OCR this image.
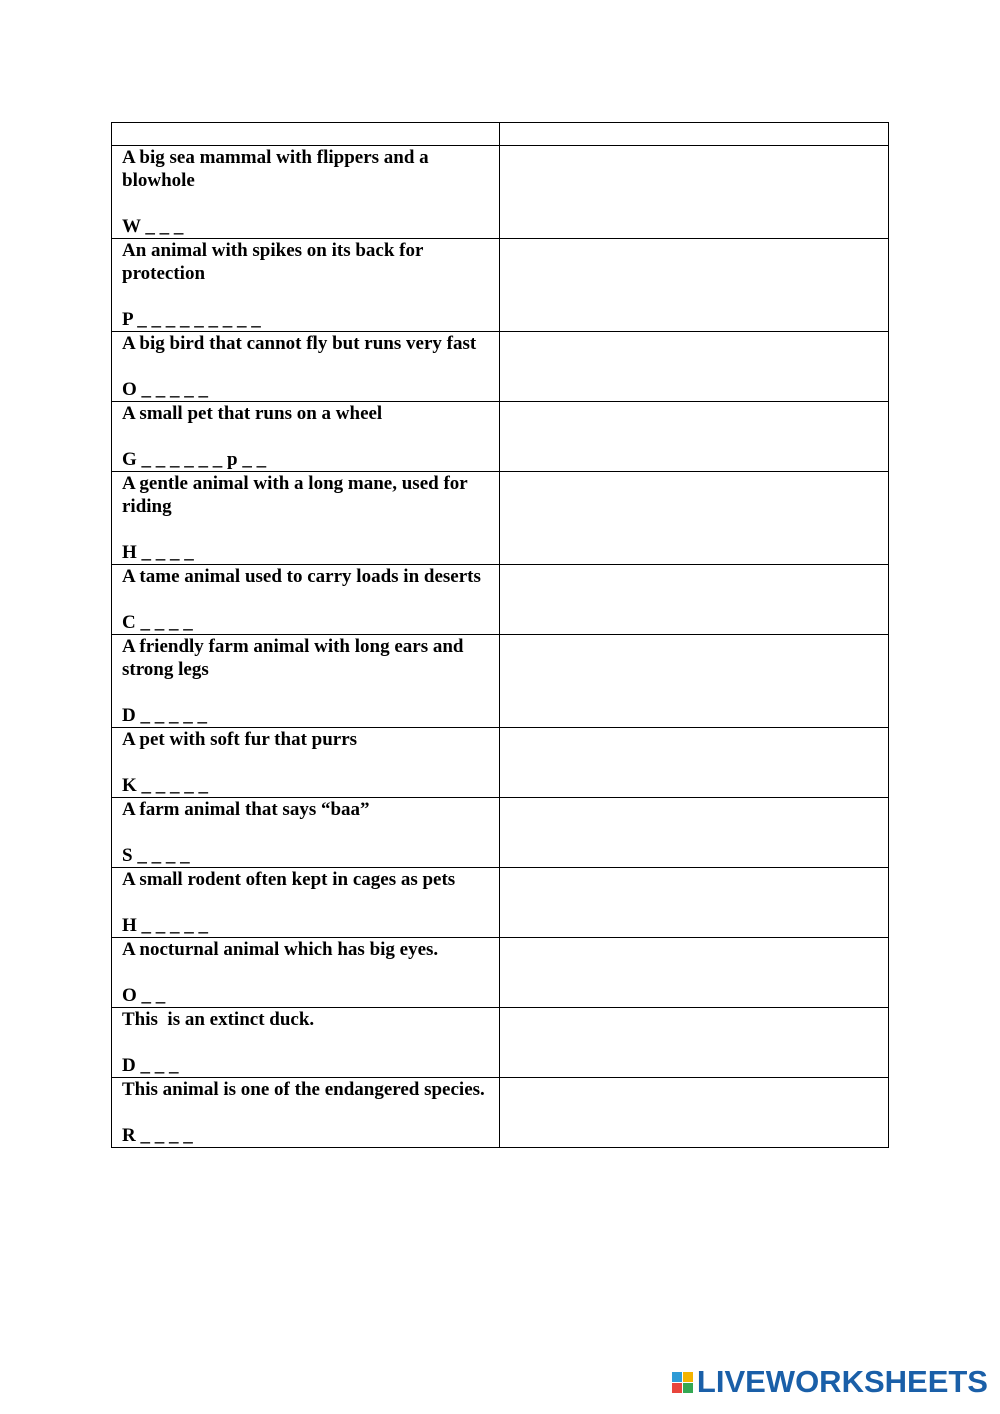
A big sea mammal with flippers and a blowhole
W _ _ _	

An animal with spikes on its back for protection
P _ _ _ _ _ _ _ _ _	

A big bird that cannot fly but runs very fast
O _ _ _ _ _	

A small pet that runs on a wheel
G _ _ _ _ _ _ p _ _	

A gentle animal with a long mane, used for riding
H _ _ _ _	

A tame animal used to carry loads in deserts
C _ _ _ _	

A friendly farm animal with long ears and strong legs
D _ _ _ _ _	

A pet with soft fur that purrs
K _ _ _ _ _	

A farm animal that says “baa”
S _ _ _ _	

A small rodent often kept in cages as pets
H _ _ _ _ _	

A nocturnal animal which has big eyes.
O _ _	

This  is an extinct duck.
D _ _ _	

This animal is one of the endangered species.
R _ _ _ _	

LIVEWORKSHEETS
